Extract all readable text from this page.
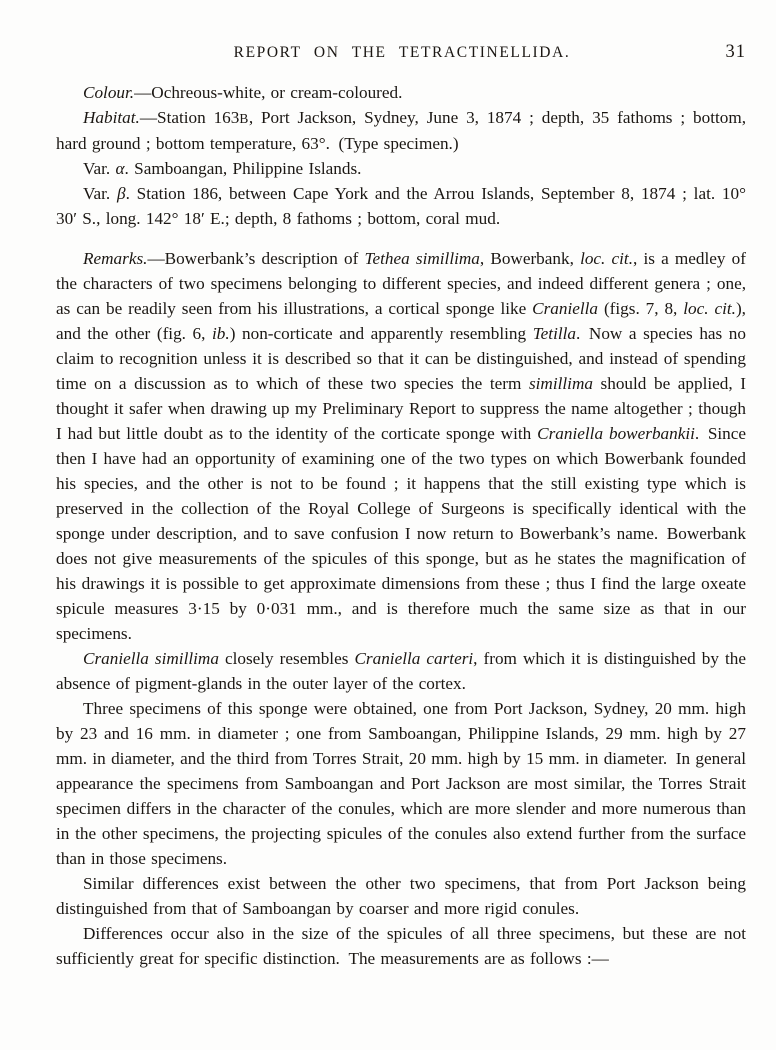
REPORT ON THE TETRACTINELLIDA.	31

Colour.—Ochreous-white, or cream-coloured.

Habitat.—Station 163B, Port Jackson, Sydney, June 3, 1874 ; depth, 35 fathoms ; bottom, hard ground ; bottom temperature, 63°. (Type specimen.)

Var. α. Samboangan, Philippine Islands.

Var. β. Station 186, between Cape York and the Arrou Islands, September 8, 1874 ; lat. 10° 30′ S., long. 142° 18′ E.; depth, 8 fathoms ; bottom, coral mud.

Remarks.—Bowerbank’s description of Tethea simillima, Bowerbank, loc. cit., is a medley of the characters of two specimens belonging to different species, and indeed different genera ; one, as can be readily seen from his illustrations, a cortical sponge like Craniella (figs. 7, 8, loc. cit.), and the other (fig. 6, ib.) non-corticate and apparently resembling Tetilla. Now a species has no claim to recognition unless it is described so that it can be distinguished, and instead of spending time on a discussion as to which of these two species the term simillima should be applied, I thought it safer when drawing up my Preliminary Report to suppress the name altogether ; though I had but little doubt as to the identity of the corticate sponge with Craniella bowerbankii. Since then I have had an opportunity of examining one of the two types on which Bowerbank founded his species, and the other is not to be found ; it happens that the still existing type which is preserved in the collection of the Royal College of Surgeons is specifically identical with the sponge under description, and to save confusion I now return to Bowerbank’s name. Bowerbank does not give measurements of the spicules of this sponge, but as he states the magnification of his drawings it is possible to get approximate dimensions from these ; thus I find the large oxeate spicule measures 3·15 by 0·031 mm., and is therefore much the same size as that in our specimens.

Craniella simillima closely resembles Craniella carteri, from which it is distinguished by the absence of pigment-glands in the outer layer of the cortex.

Three specimens of this sponge were obtained, one from Port Jackson, Sydney, 20 mm. high by 23 and 16 mm. in diameter ; one from Samboangan, Philippine Islands, 29 mm. high by 27 mm. in diameter, and the third from Torres Strait, 20 mm. high by 15 mm. in diameter. In general appearance the specimens from Samboangan and Port Jackson are most similar, the Torres Strait specimen differs in the character of the conules, which are more slender and more numerous than in the other specimens, the projecting spicules of the conules also extend further from the surface than in those specimens.

Similar differences exist between the other two specimens, that from Port Jackson being distinguished from that of Samboangan by coarser and more rigid conules.

Differences occur also in the size of the spicules of all three specimens, but these are not sufficiently great for specific distinction. The measurements are as follows :—
